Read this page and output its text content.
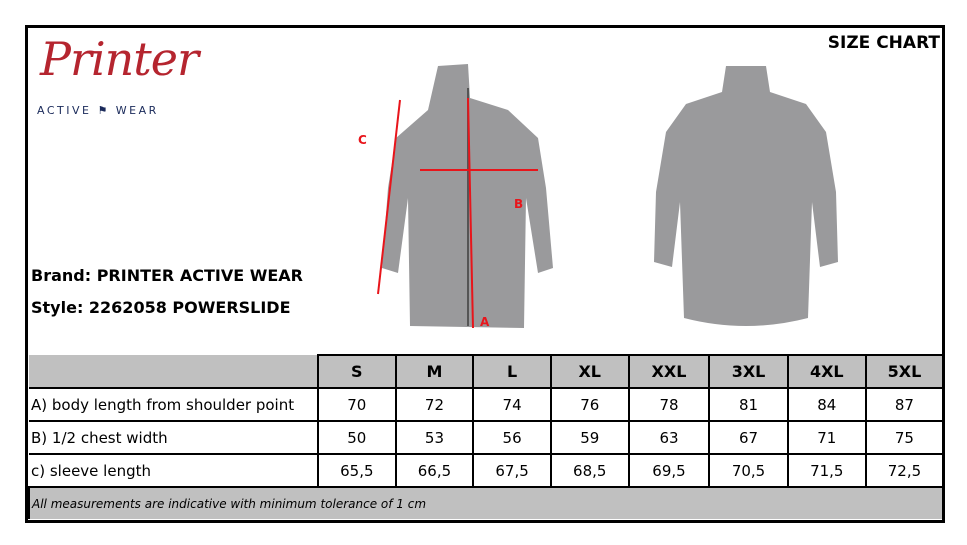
Printer
ACTIVE ⚑ WEAR
SIZE CHART
Brand: PRINTER ACTIVE WEAR
Style: 2262058 POWERSLIDE
C
B
A
	S	M	L	XL	XXL	3XL	4XL	5XL
A) body length from shoulder point	70	72	74	76	78	81	84	87
B) 1/2 chest width	50	53	56	59	63	67	71	75
c) sleeve length	65,5	66,5	67,5	68,5	69,5	70,5	71,5	72,5
All measurements are indicative with minimum tolerance of 1 cm								
